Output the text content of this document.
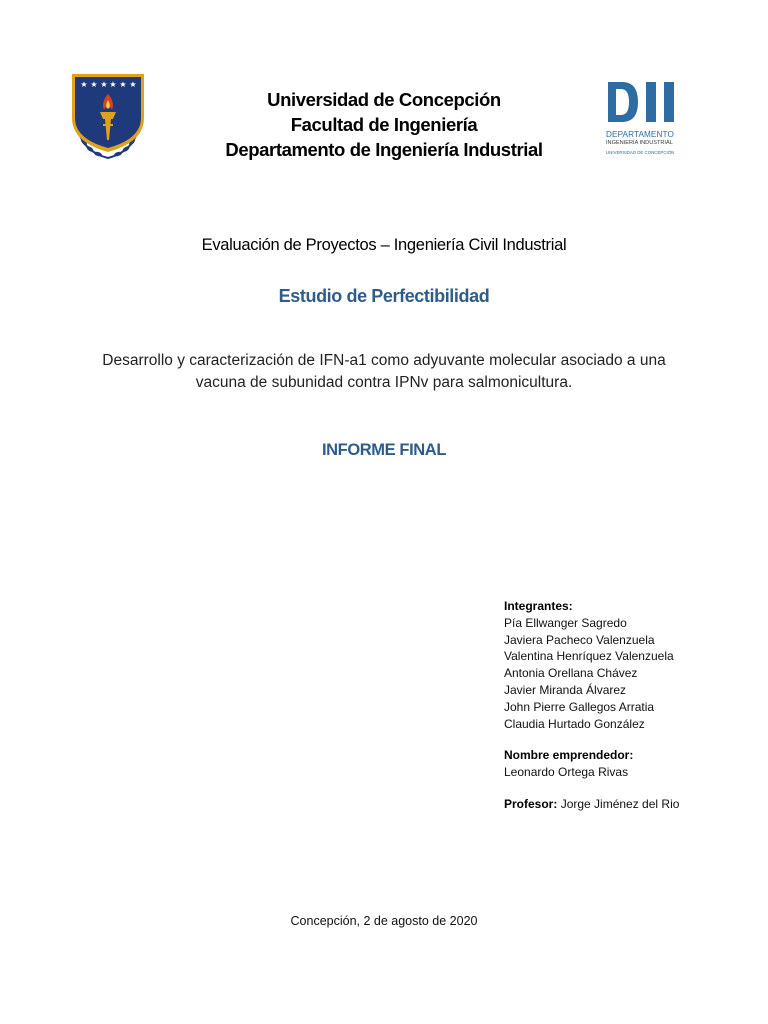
★ ★ ★ ★ ★ ★
Universidad de Concepción
Facultad de Ingeniería
Departamento de Ingeniería Industrial
DEPARTAMENTO
INGENIERÍA INDUSTRIAL
UNIVERSIDAD DE CONCEPCIÓN
Evaluación de Proyectos – Ingeniería Civil Industrial
Estudio de Perfectibilidad
Desarrollo y caracterización de IFN-a1 como adyuvante molecular asociado a una
vacuna de subunidad contra IPNv para salmonicultura.
INFORME FINAL
Integrantes:
Pía Ellwanger Sagredo
Javiera Pacheco Valenzuela
Valentina Henríquez Valenzuela
Antonia Orellana Chávez
Javier Miranda Álvarez
John Pierre Gallegos Arratia
Claudia Hurtado González
Nombre emprendedor:
Leonardo Ortega Rivas
Profesor: Jorge Jiménez del Rio
Concepción, 2 de agosto de 2020
